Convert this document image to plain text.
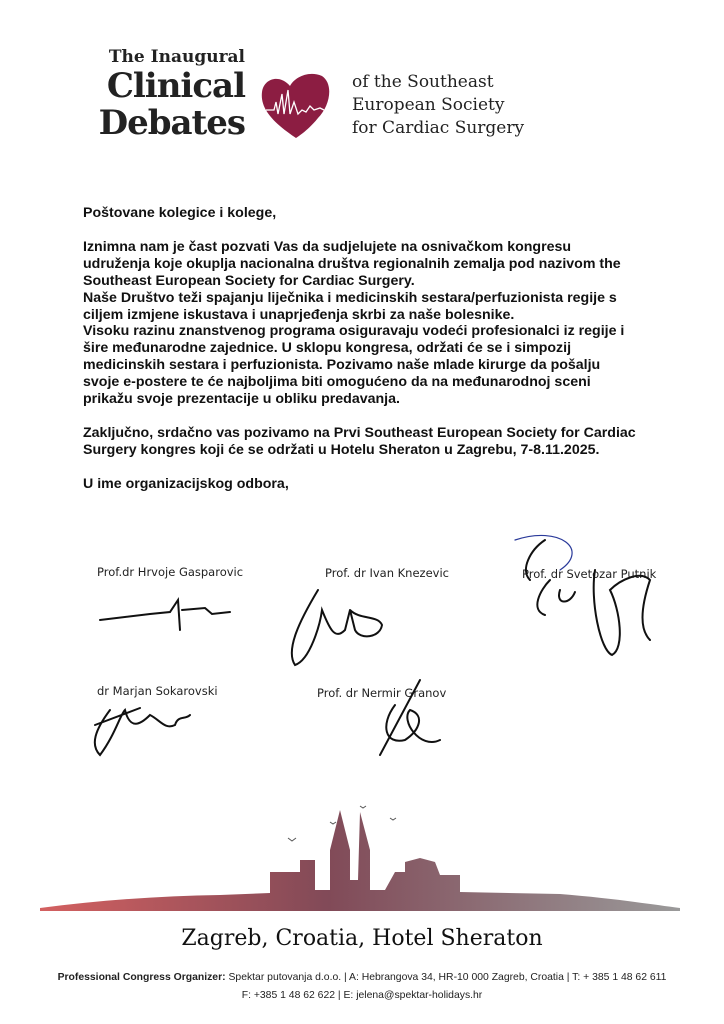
The Inaugural
Clinical
Debates
of the Southeast
European Society
for Cardiac Surgery
Poštovane kolegice i kolege,
Iznimna nam je čast pozvati Vas da sudjelujete na osnivačkom kongresu
udruženja koje okuplja nacionalna društva regionalnih zemalja pod nazivom the
Southeast European Society for Cardiac Surgery.
Naše Društvo teži spajanju liječnika i medicinskih sestara/perfuzionista regije s
ciljem izmjene iskustava i unaprjeđenja skrbi za naše bolesnike.
Visoku razinu znanstvenog programa osiguravaju vodeći profesionalci iz regije i
šire međunarodne zajednice. U sklopu kongresa, održati će se i simpozij
medicinskih sestara i perfuzionista. Pozivamo naše mlade kirurge da pošalju
svoje e-postere te će najboljima biti omogućeno da na međunarodnoj sceni
prikažu svoje prezentacije u obliku predavanja.
Zaključno, srdačno vas pozivamo na Prvi Southeast European Society for Cardiac
Surgery kongres koji će se održati u Hotelu Sheraton u Zagrebu, 7-8.11.2025.
U ime organizacijskog odbora,
Prof.dr Hrvoje Gasparovic	Prof. dr Ivan Knezevic	Prof. dr Svetozar Putnik
dr Marjan Sokarovski	Prof. dr Nermir Granov
Zagreb, Croatia, Hotel Sheraton
Professional Congress Organizer: Spektar putovanja d.o.o. | A: Hebrangova 34, HR-10 000 Zagreb, Croatia | T: + 385 1 48 62 611
F: +385 1 48 62 622 | E: jelena@spektar-holidays.hr
